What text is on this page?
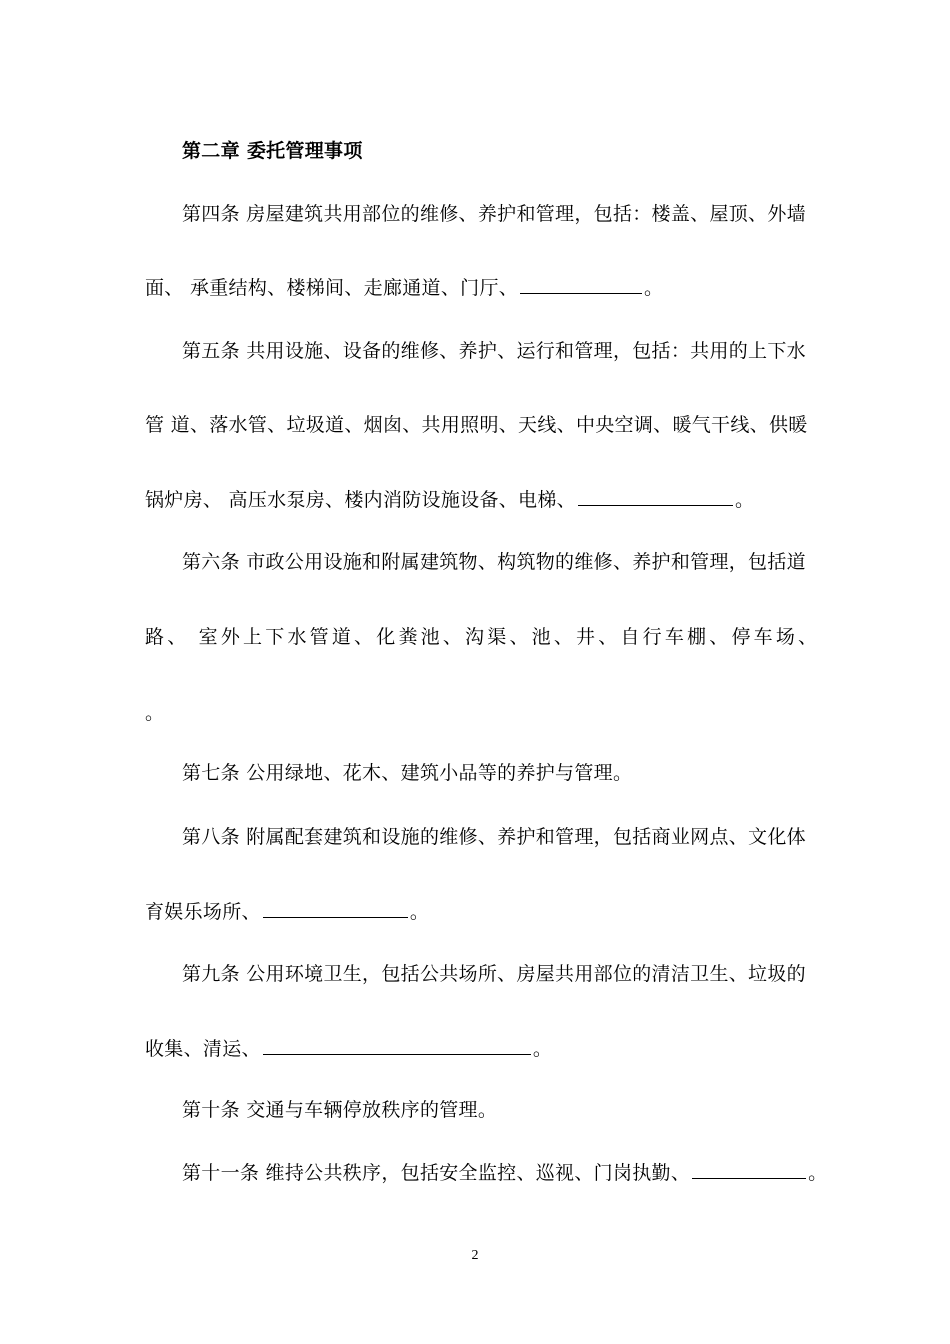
第二章 委托管理事项
第四条 房屋建筑共用部位的维修、养护和管理，包括：楼盖、屋顶、外墙
面、 承重结构、楼梯间、走廊通道、门厅、	。
第五条 共用设施、设备的维修、养护、运行和管理，包括：共用的上下水
管 道、落水管、垃圾道、烟囱、共用照明、天线、中央空调、暖气干线、供暖
锅炉房、 高压水泵房、楼内消防设施设备、电梯、	。
第六条 市政公用设施和附属建筑物、构筑物的维修、养护和管理，包括道
路、 室外上下水管道、化粪池、沟渠、池、井、自行车棚、停车场、
。
第七条 公用绿地、花木、建筑小品等的养护与管理。
第八条 附属配套建筑和设施的维修、养护和管理，包括商业网点、文化体
育娱乐场所、	。
第九条 公用环境卫生，包括公共场所、房屋共用部位的清洁卫生、垃圾的
收集、清运、	。
第十条 交通与车辆停放秩序的管理。
第十一条 维持公共秩序，包括安全监控、巡视、门岗执勤、	。
2
